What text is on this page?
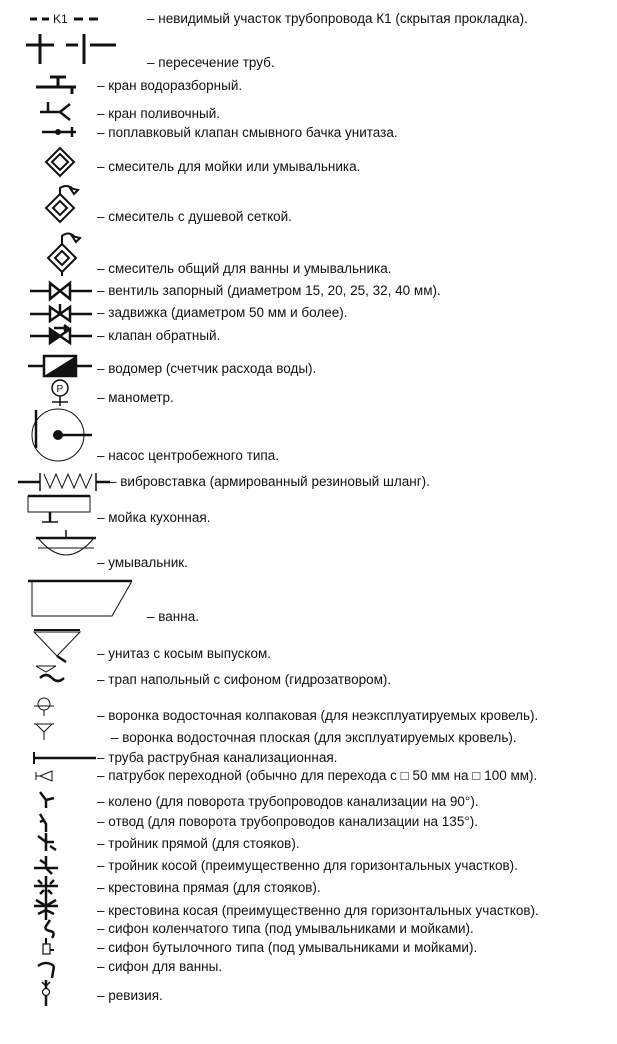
K1	– невидимый участок трубопровода К1 (скрытая прокладка).
– пересечение труб.
– кран водоразборный.
– кран поливочный.
– поплавковый клапан смывного бачка унитаза.
– смеситель для мойки или умывальника.
– смеситель с душевой сеткой.
– смеситель общий для ванны и умывальника.
– вентиль запорный (диаметром 15, 20, 25, 32, 40 мм).
– задвижка (диаметром 50 мм и более).
– клапан обратный.
– водомер (счетчик расхода воды).
P
– манометр.
– насос центробежного типа.
– вибровставка (армированный резиновый шланг).
– мойка кухонная.
– умывальник.
– ванна.
– унитаз с косым выпуском.
– трап напольный с сифоном (гидрозатвором).
– воронка водосточная колпаковая (для неэксплуатируемых кровель).
– воронка водосточная плоская (для эксплуатируемых кровель).
– труба раструбная канализационная.
– патрубок переходной (обычно для перехода с □ 50 мм на □ 100 мм).
– колено (для поворота трубопроводов канализации на 90°).
– отвод (для поворота трубопроводов канализации на 135°).
– тройник прямой (для стояков).
– тройник косой (преимущественно для горизонтальных участков).
– крестовина прямая (для стояков).
– крестовина косая (преимущественно для горизонтальных участков).
– сифон коленчатого типа (под умывальниками и мойками).
– сифон бутылочного типа (под умывальниками и мойками).
– сифон для ванны.
– ревизия.
